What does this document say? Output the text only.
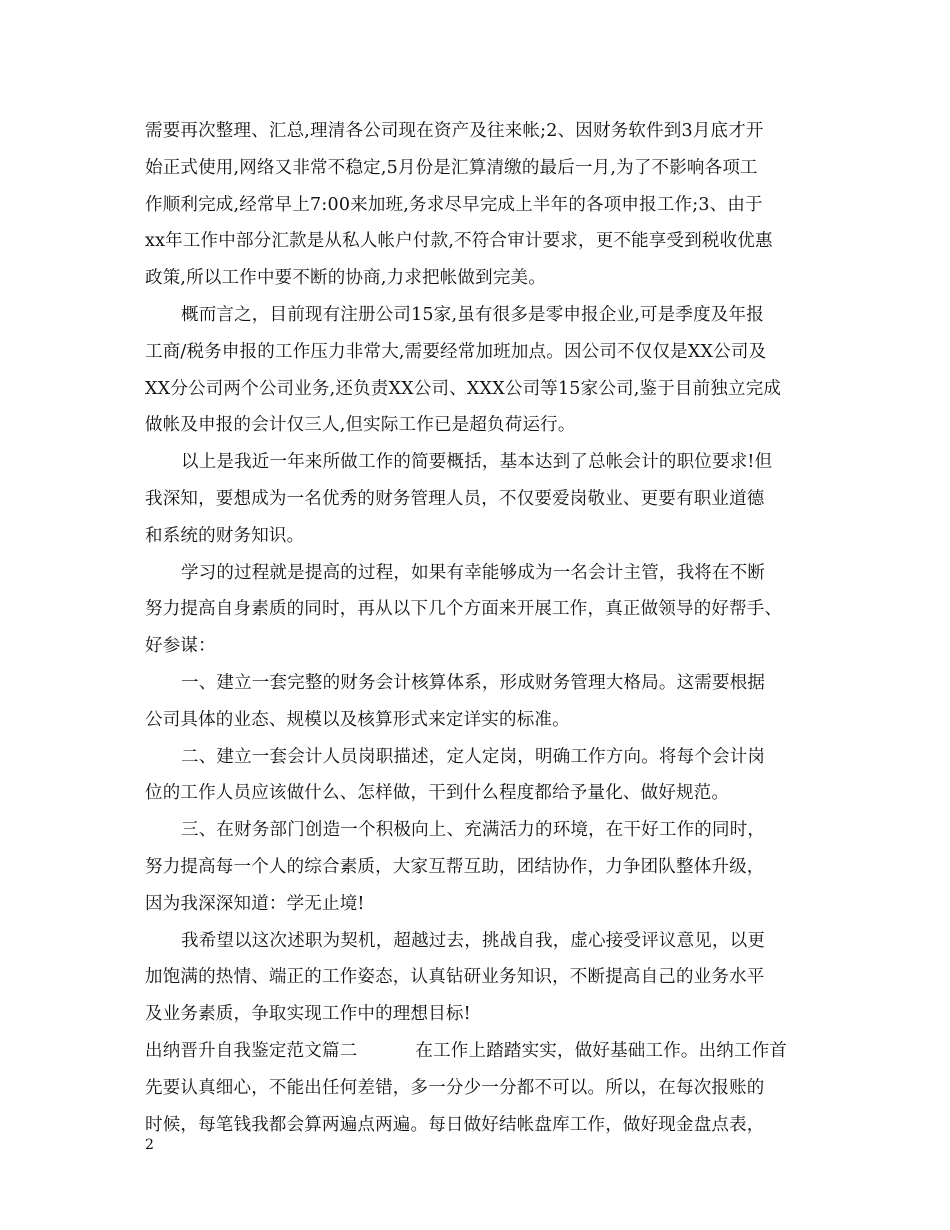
需要再次整理、汇总,理清各公司现在资产及往来帐;2、因财务软件到3月底才开
始正式使用,网络又非常不稳定,5月份是汇算清缴的最后一月,为了不影响各项工
作顺利完成,经常早上7:00来加班,务求尽早完成上半年的各项申报工作;3、由于
xx年工作中部分汇款是从私人帐户付款,不符合审计要求，更不能享受到税收优惠
政策,所以工作中要不断的协商,力求把帐做到完美。
概而言之，目前现有注册公司15家,虽有很多是零申报企业,可是季度及年报
工商/税务申报的工作压力非常大,需要经常加班加点。因公司不仅仅是XX公司及
XX分公司两个公司业务,还负责XX公司、XXX公司等15家公司,鉴于目前独立完成
做帐及申报的会计仅三人,但实际工作已是超负荷运行。
以上是我近一年来所做工作的简要概括，基本达到了总帐会计的职位要求!但
我深知，要想成为一名优秀的财务管理人员，不仅要爱岗敬业、更要有职业道德
和系统的财务知识。
学习的过程就是提高的过程，如果有幸能够成为一名会计主管，我将在不断
努力提高自身素质的同时，再从以下几个方面来开展工作，真正做领导的好帮手、
好参谋：
一、建立一套完整的财务会计核算体系，形成财务管理大格局。这需要根据
公司具体的业态、规模以及核算形式来定详实的标准。
二、建立一套会计人员岗职描述，定人定岗，明确工作方向。将每个会计岗
位的工作人员应该做什么、怎样做，干到什么程度都给予量化、做好规范。
三、在财务部门创造一个积极向上、充满活力的环境，在干好工作的同时，
努力提高每一个人的综合素质，大家互帮互助，团结协作，力争团队整体升级，
因为我深深知道：学无止境!
我希望以这次述职为契机，超越过去，挑战自我，虚心接受评议意见，以更
加饱满的热情、端正的工作姿态，认真钻研业务知识，不断提高自己的业务水平
及业务素质，争取实现工作中的理想目标!
出纳晋升自我鉴定范文篇二	在工作上踏踏实实，做好基础工作。出纳工作首
先要认真细心，不能出任何差错，多一分少一分都不可以。所以，在每次报账的
时候，每笔钱我都会算两遍点两遍。每日做好结帐盘库工作，做好现金盘点表，
2
